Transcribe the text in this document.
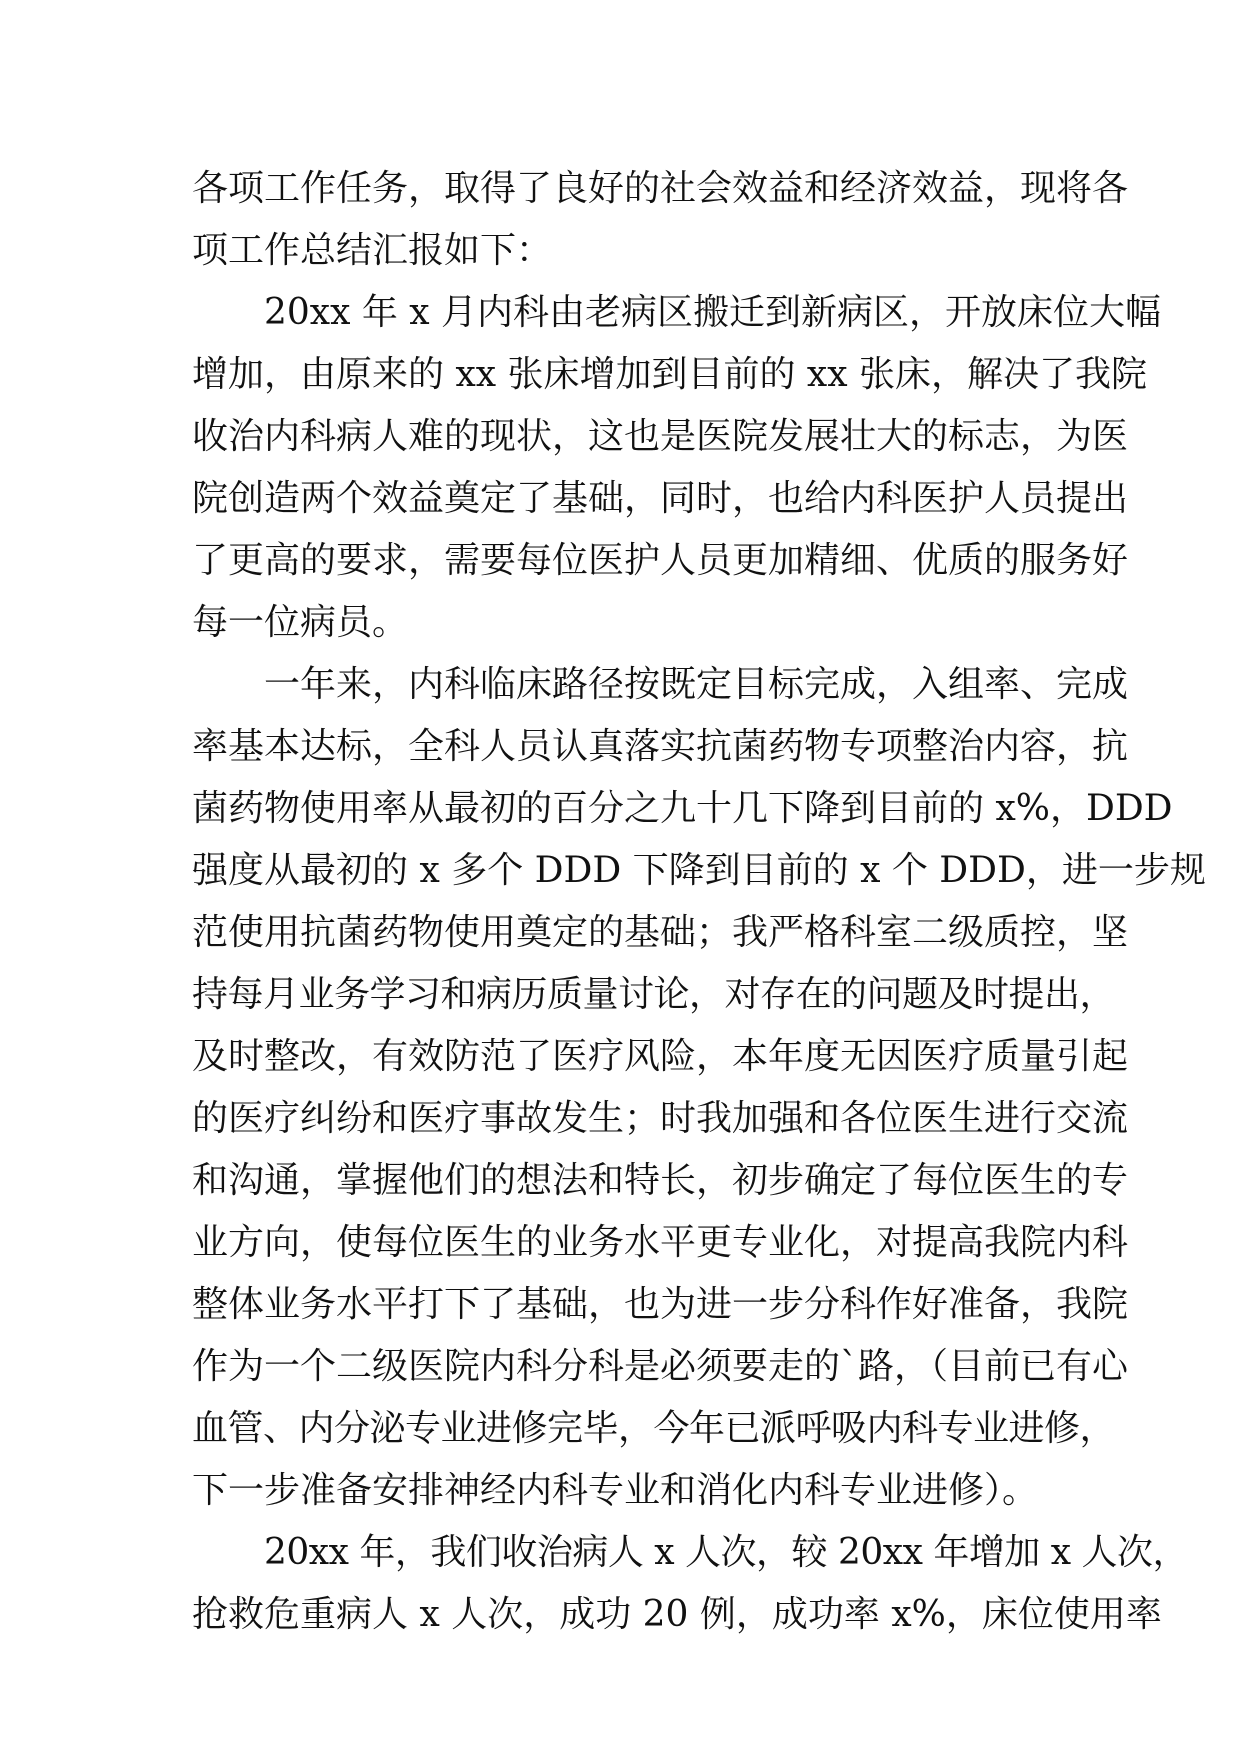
各项工作任务，取得了良好的社会效益和经济效益，现将各
项工作总结汇报如下：
20xx 年 x 月内科由老病区搬迁到新病区，开放床位大幅
增加，由原来的 xx 张床增加到目前的 xx 张床，解决了我院
收治内科病人难的现状，这也是医院发展壮大的标志，为医
院创造两个效益奠定了基础，同时，也给内科医护人员提出
了更高的要求，需要每位医护人员更加精细、优质的服务好
每一位病员。
一年来，内科临床路径按既定目标完成，入组率、完成
率基本达标，全科人员认真落实抗菌药物专项整治内容，抗
菌药物使用率从最初的百分之九十几下降到目前的 x%，DDD
强度从最初的 x 多个 DDD 下降到目前的 x 个 DDD，进一步规
范使用抗菌药物使用奠定的基础；我严格科室二级质控，坚
持每月业务学习和病历质量讨论，对存在的问题及时提出，
及时整改，有效防范了医疗风险，本年度无因医疗质量引起
的医疗纠纷和医疗事故发生；时我加强和各位医生进行交流
和沟通，掌握他们的想法和特长，初步确定了每位医生的专
业方向，使每位医生的业务水平更专业化，对提高我院内科
整体业务水平打下了基础，也为进一步分科作好准备，我院
作为一个二级医院内科分科是必须要走的`路，（目前已有心
血管、内分泌专业进修完毕，今年已派呼吸内科专业进修，
下一步准备安排神经内科专业和消化内科专业进修）。
20xx 年，我们收治病人 x 人次，较 20xx 年增加 x 人次，
抢救危重病人 x 人次，成功 20 例，成功率 x%，床位使用率
